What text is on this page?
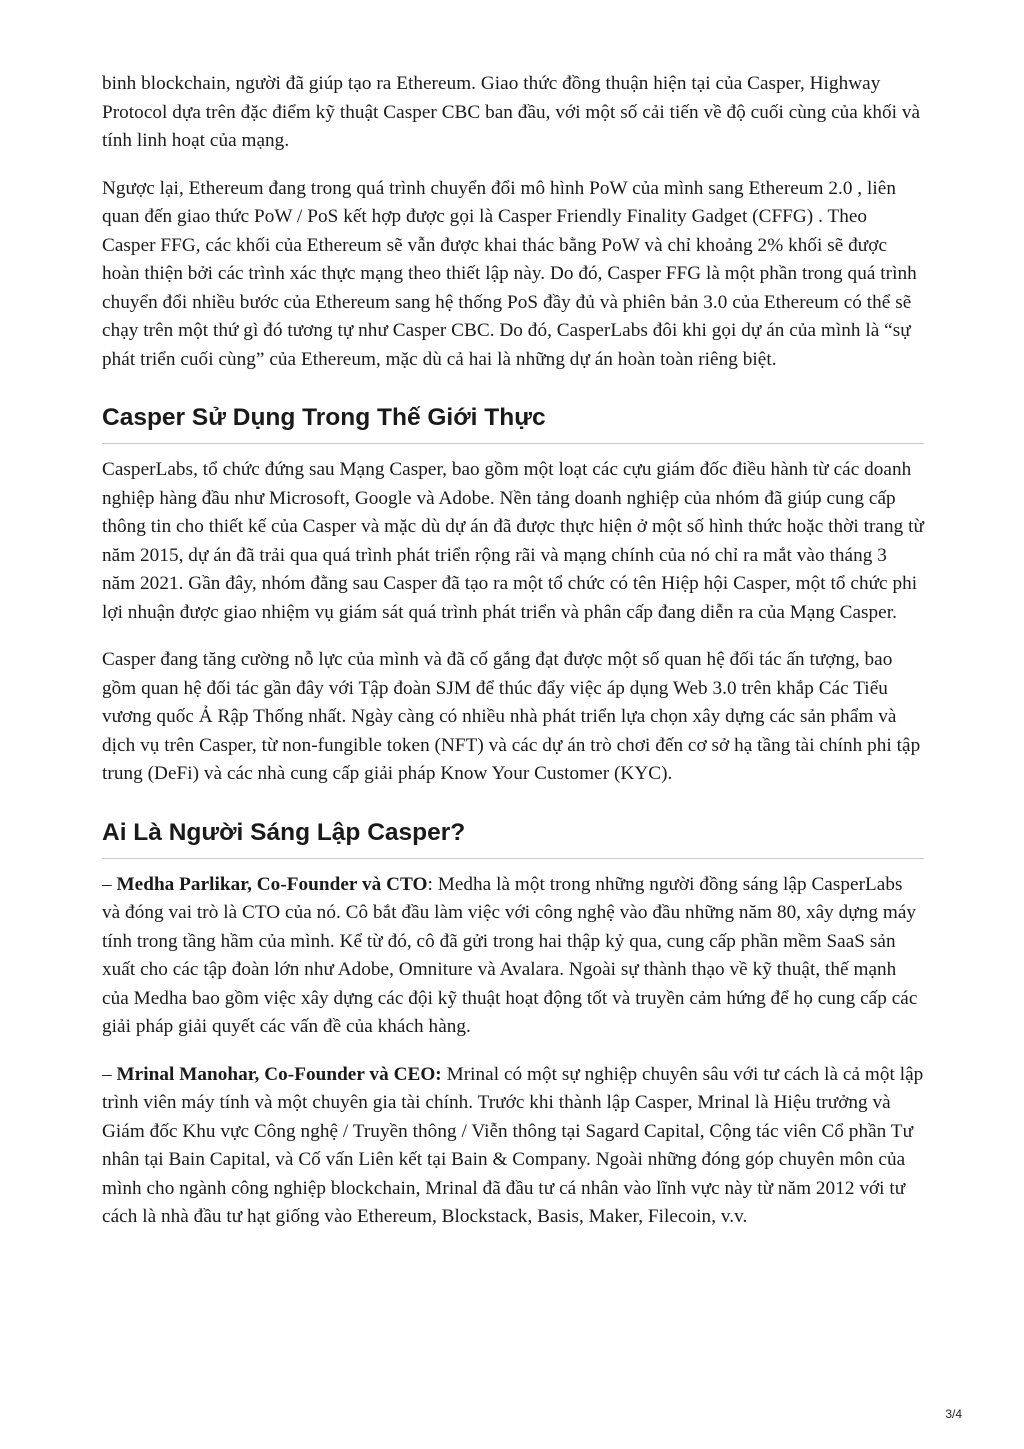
binh blockchain, người đã giúp tạo ra Ethereum. Giao thức đồng thuận hiện tại của Casper, Highway Protocol dựa trên đặc điểm kỹ thuật Casper CBC ban đầu, với một số cải tiến về độ cuối cùng của khối và tính linh hoạt của mạng.

Ngược lại, Ethereum đang trong quá trình chuyển đổi mô hình PoW của mình sang Ethereum 2.0 , liên quan đến giao thức PoW / PoS kết hợp được gọi là Casper Friendly Finality Gadget (CFFG) . Theo Casper FFG, các khối của Ethereum sẽ vẫn được khai thác bằng PoW và chỉ khoảng 2% khối sẽ được hoàn thiện bởi các trình xác thực mạng theo thiết lập này. Do đó, Casper FFG là một phần trong quá trình chuyển đổi nhiều bước của Ethereum sang hệ thống PoS đầy đủ và phiên bản 3.0 của Ethereum có thể sẽ chạy trên một thứ gì đó tương tự như Casper CBC. Do đó, CasperLabs đôi khi gọi dự án của mình là “sự phát triển cuối cùng” của Ethereum, mặc dù cả hai là những dự án hoàn toàn riêng biệt.

Casper Sử Dụng Trong Thế Giới Thực

CasperLabs, tổ chức đứng sau Mạng Casper, bao gồm một loạt các cựu giám đốc điều hành từ các doanh nghiệp hàng đầu như Microsoft, Google và Adobe. Nền tảng doanh nghiệp của nhóm đã giúp cung cấp thông tin cho thiết kế của Casper và mặc dù dự án đã được thực hiện ở một số hình thức hoặc thời trang từ năm 2015, dự án đã trải qua quá trình phát triển rộng rãi và mạng chính của nó chỉ ra mắt vào tháng 3 năm 2021. Gần đây, nhóm đằng sau Casper đã tạo ra một tổ chức có tên Hiệp hội Casper, một tổ chức phi lợi nhuận được giao nhiệm vụ giám sát quá trình phát triển và phân cấp đang diễn ra của Mạng Casper.

Casper đang tăng cường nỗ lực của mình và đã cố gắng đạt được một số quan hệ đối tác ấn tượng, bao gồm quan hệ đối tác gần đây với Tập đoàn SJM để thúc đẩy việc áp dụng Web 3.0 trên khắp Các Tiểu vương quốc Ả Rập Thống nhất. Ngày càng có nhiều nhà phát triển lựa chọn xây dựng các sản phẩm và dịch vụ trên Casper, từ non-fungible token (NFT) và các dự án trò chơi đến cơ sở hạ tầng tài chính phi tập trung (DeFi) và các nhà cung cấp giải pháp Know Your Customer (KYC).

Ai Là Người Sáng Lập Casper?

– Medha Parlikar, Co-Founder và CTO: Medha là một trong những người đồng sáng lập CasperLabs và đóng vai trò là CTO của nó. Cô bắt đầu làm việc với công nghệ vào đầu những năm 80, xây dựng máy tính trong tầng hầm của mình. Kể từ đó, cô đã gửi trong hai thập kỷ qua, cung cấp phần mềm SaaS sản xuất cho các tập đoàn lớn như Adobe, Omniture và Avalara. Ngoài sự thành thạo về kỹ thuật, thế mạnh của Medha bao gồm việc xây dựng các đội kỹ thuật hoạt động tốt và truyền cảm hứng để họ cung cấp các giải pháp giải quyết các vấn đề của khách hàng.

– Mrinal Manohar, Co-Founder và CEO: Mrinal có một sự nghiệp chuyên sâu với tư cách là cả một lập trình viên máy tính và một chuyên gia tài chính. Trước khi thành lập Casper, Mrinal là Hiệu trưởng và Giám đốc Khu vực Công nghệ / Truyền thông / Viễn thông tại Sagard Capital, Cộng tác viên Cổ phần Tư nhân tại Bain Capital, và Cố vấn Liên kết tại Bain & Company. Ngoài những đóng góp chuyên môn của mình cho ngành công nghiệp blockchain, Mrinal đã đầu tư cá nhân vào lĩnh vực này từ năm 2012 với tư cách là nhà đầu tư hạt giống vào Ethereum, Blockstack, Basis, Maker, Filecoin, v.v.

3/4
